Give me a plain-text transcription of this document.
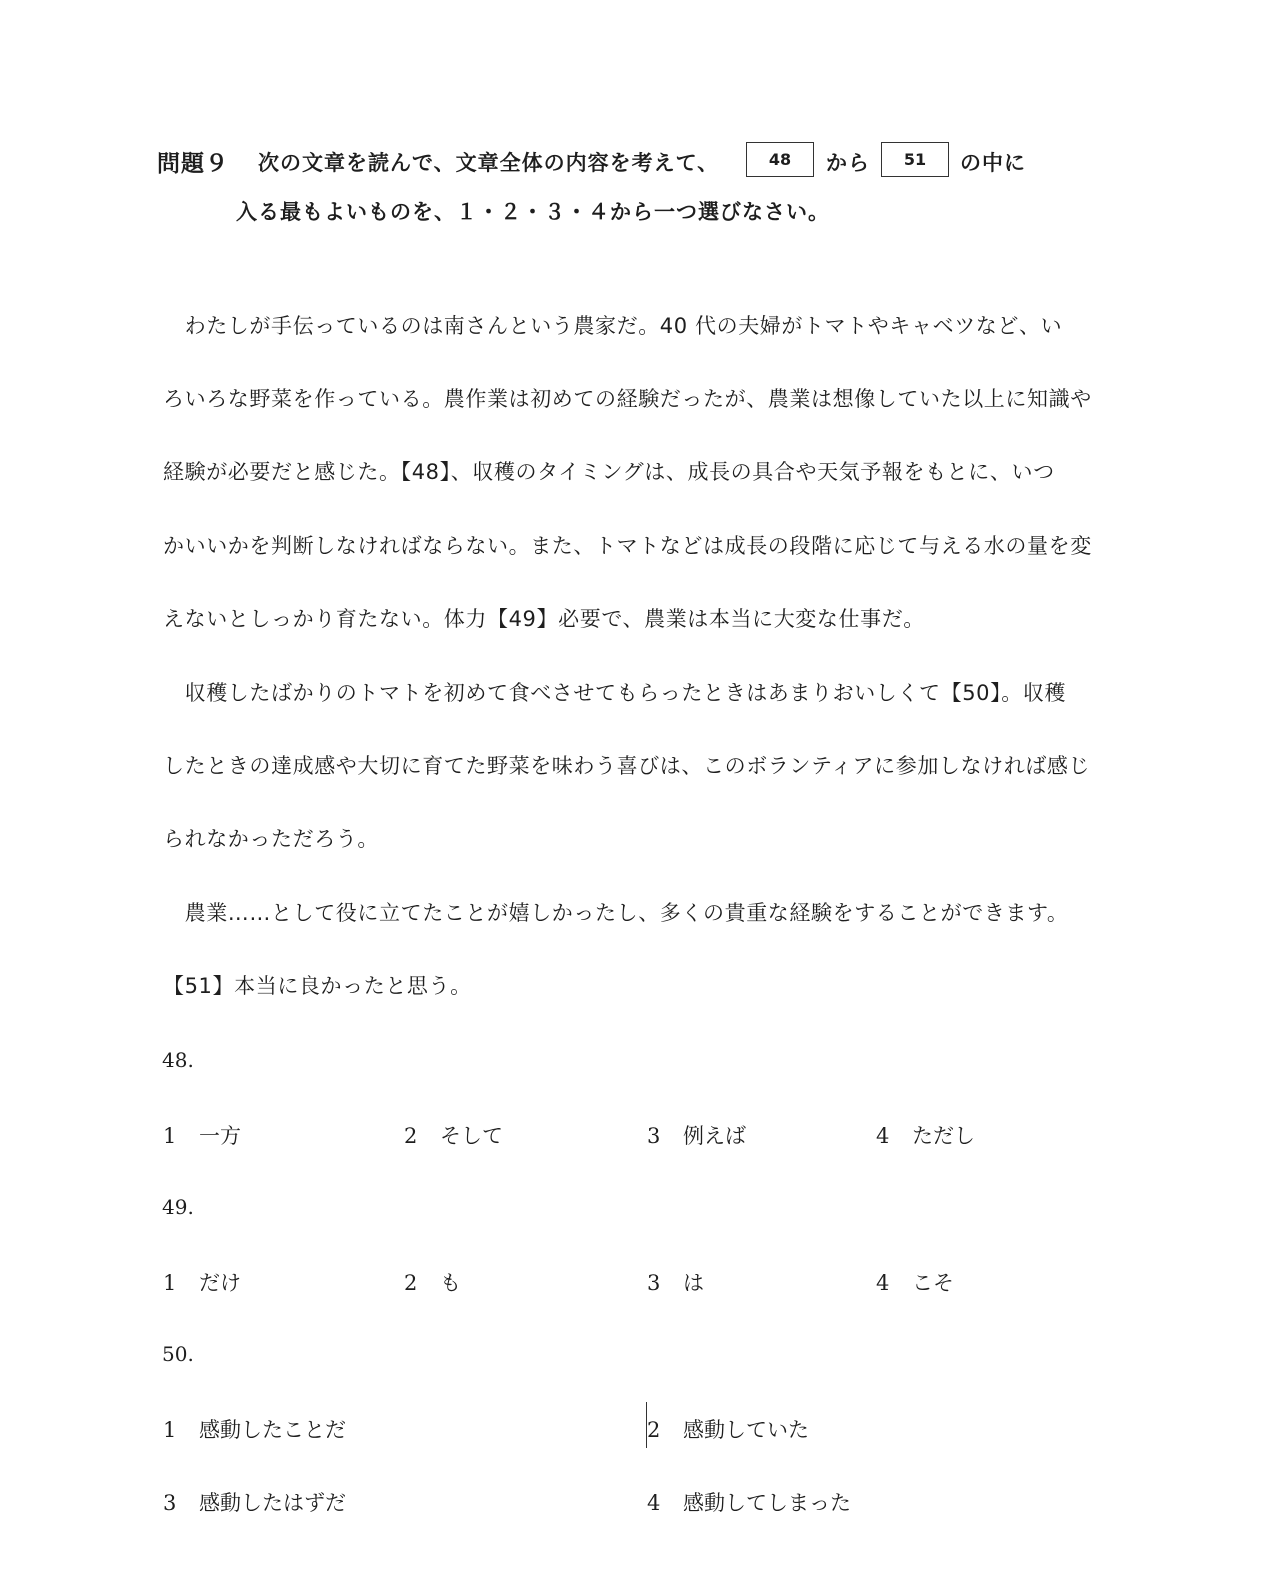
問題９ 次の文章を読んで、文章全体の内容を考えて、	48	から	51	の中に
入る最もよいものを、１・２・３・４から一つ選びなさい。
　わたしが手伝っているのは南さんという農家だ。40 代の夫婦がトマトやキャベツなど、い
ろいろな野菜を作っている。農作業は初めての経験だったが、農業は想像していた以上に知識や
経験が必要だと感じた。【48】、収穫のタイミングは、成長の具合や天気予報をもとに、いつ
かいいかを判断しなければならない。また、トマトなどは成長の段階に応じて与える水の量を変
えないとしっかり育たない。体力【49】必要で、農業は本当に大変な仕事だ。
　収穫したばかりのトマトを初めて食べさせてもらったときはあまりおいしくて【50】。収穫
したときの達成感や大切に育てた野菜を味わう喜びは、このボランティアに参加しなければ感じ
られなかっただろう。
　農業……として役に立てたことが嬉しかったし、多くの貴重な経験をすることができます。
【51】本当に良かったと思う。
48.
1 一方	2 そして	3 例えば	4 ただし
49.
1 だけ	2 も	3 は	4 こそ
50.
1 感動したことだ	2 感動していた
3 感動したはずだ	4 感動してしまった
